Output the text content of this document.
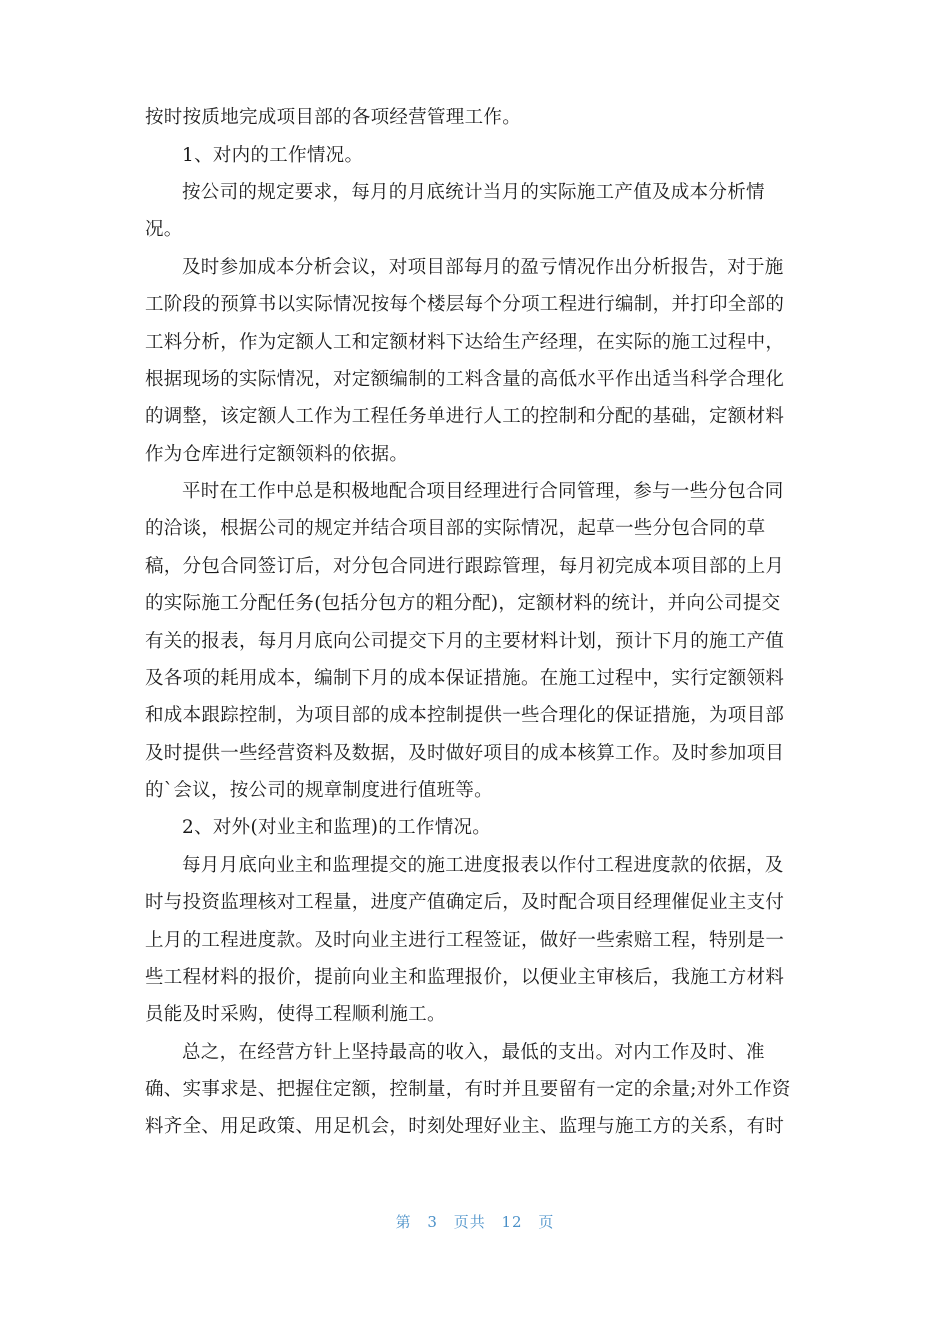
按时按质地完成项目部的各项经营管理工作。
1、对内的工作情况。
按公司的规定要求，每月的月底统计当月的实际施工产值及成本分析情
况。
及时参加成本分析会议，对项目部每月的盈亏情况作出分析报告，对于施
工阶段的预算书以实际情况按每个楼层每个分项工程进行编制，并打印全部的
工料分析，作为定额人工和定额材料下达给生产经理，在实际的施工过程中，
根据现场的实际情况，对定额编制的工料含量的高低水平作出适当科学合理化
的调整，该定额人工作为工程任务单进行人工的控制和分配的基础，定额材料
作为仓库进行定额领料的依据。
平时在工作中总是积极地配合项目经理进行合同管理，参与一些分包合同
的洽谈，根据公司的规定并结合项目部的实际情况，起草一些分包合同的草
稿，分包合同签订后，对分包合同进行跟踪管理，每月初完成本项目部的上月
的实际施工分配任务(包括分包方的粗分配)，定额材料的统计，并向公司提交
有关的报表，每月月底向公司提交下月的主要材料计划，预计下月的施工产值
及各项的耗用成本，编制下月的成本保证措施。在施工过程中，实行定额领料
和成本跟踪控制，为项目部的成本控制提供一些合理化的保证措施，为项目部
及时提供一些经营资料及数据，及时做好项目的成本核算工作。及时参加项目
的`会议，按公司的规章制度进行值班等。
2、对外(对业主和监理)的工作情况。
每月月底向业主和监理提交的施工进度报表以作付工程进度款的依据，及
时与投资监理核对工程量，进度产值确定后，及时配合项目经理催促业主支付
上月的工程进度款。及时向业主进行工程签证，做好一些索赔工程，特别是一
些工程材料的报价，提前向业主和监理报价，以便业主审核后，我施工方材料
员能及时采购，使得工程顺利施工。
总之，在经营方针上坚持最高的收入，最低的支出。对内工作及时、准
确、实事求是、把握住定额，控制量，有时并且要留有一定的余量;对外工作资
料齐全、用足政策、用足机会，时刻处理好业主、监理与施工方的关系，有时
第 3 页共 12 页
